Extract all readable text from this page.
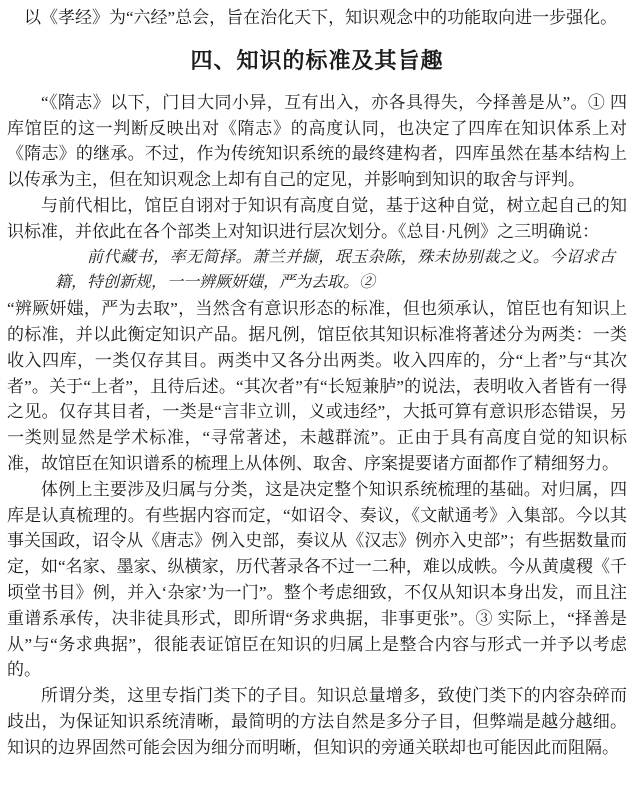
以《孝经》为“六经”总会，旨在治化天下，知识观念中的功能取向进一步强化。

四、知识的标准及其旨趣

“《隋志》以下，门目大同小异，互有出入，亦各具得失，今择善是从”。① 四库馆臣的这一判断反映出对《隋志》的高度认同，也决定了四库在知识体系上对《隋志》的继承。不过，作为传统知识系统的最终建构者，四库虽然在基本结构上以传承为主，但在知识观念上却有自己的定见，并影响到知识的取舍与评判。

与前代相比，馆臣自诩对于知识有高度自觉，基于这种自觉，树立起自己的知识标准，并依此在各个部类上对知识进行层次划分。《总目·凡例》之三明确说：

前代藏书，率无简择。萧兰并撷，珉玉杂陈，殊未协别裁之义。今诏求古籍，特创新规，一一辨厥妍媸，严为去取。②

“辨厥妍媸，严为去取”，当然含有意识形态的标准，但也须承认，馆臣也有知识上的标准，并以此衡定知识产品。据凡例，馆臣依其知识标准将著述分为两类：一类收入四库，一类仅存其目。两类中又各分出两类。收入四库的，分“上者”与“其次者”。关于“上者”，且待后述。“其次者”有“长短兼胪”的说法，表明收入者皆有一得之见。仅存其目者，一类是“言非立训，义或违经”，大抵可算有意识形态错误，另一类则显然是学术标准，“寻常著述，未越群流”。正由于具有高度自觉的知识标准，故馆臣在知识谱系的梳理上从体例、取舍、序案提要诸方面都作了精细努力。

体例上主要涉及归属与分类，这是决定整个知识系统梳理的基础。对归属，四库是认真梳理的。有些据内容而定，“如诏令、奏议，《文献通考》入集部。今以其事关国政，诏令从《唐志》例入史部，奏议从《汉志》例亦入史部”；有些据数量而定，如“名家、墨家、纵横家，历代著录各不过一二种，难以成帙。今从黄虞稷《千顷堂书目》例，并入‘杂家’为一门”。整个考虑细致，不仅从知识本身出发，而且注重谱系承传，决非徒具形式，即所谓“务求典据，非事更张”。③ 实际上，“择善是从”与“务求典据”，很能表证馆臣在知识的归属上是整合内容与形式一并予以考虑的。

所谓分类，这里专指门类下的子目。知识总量增多，致使门类下的内容杂碎而歧出，为保证知识系统清晰，最简明的方法自然是多分子目，但弊端是越分越细。知识的边界固然可能会因为细分而明晰，但知识的旁通关联却也可能因此而阻隔。
